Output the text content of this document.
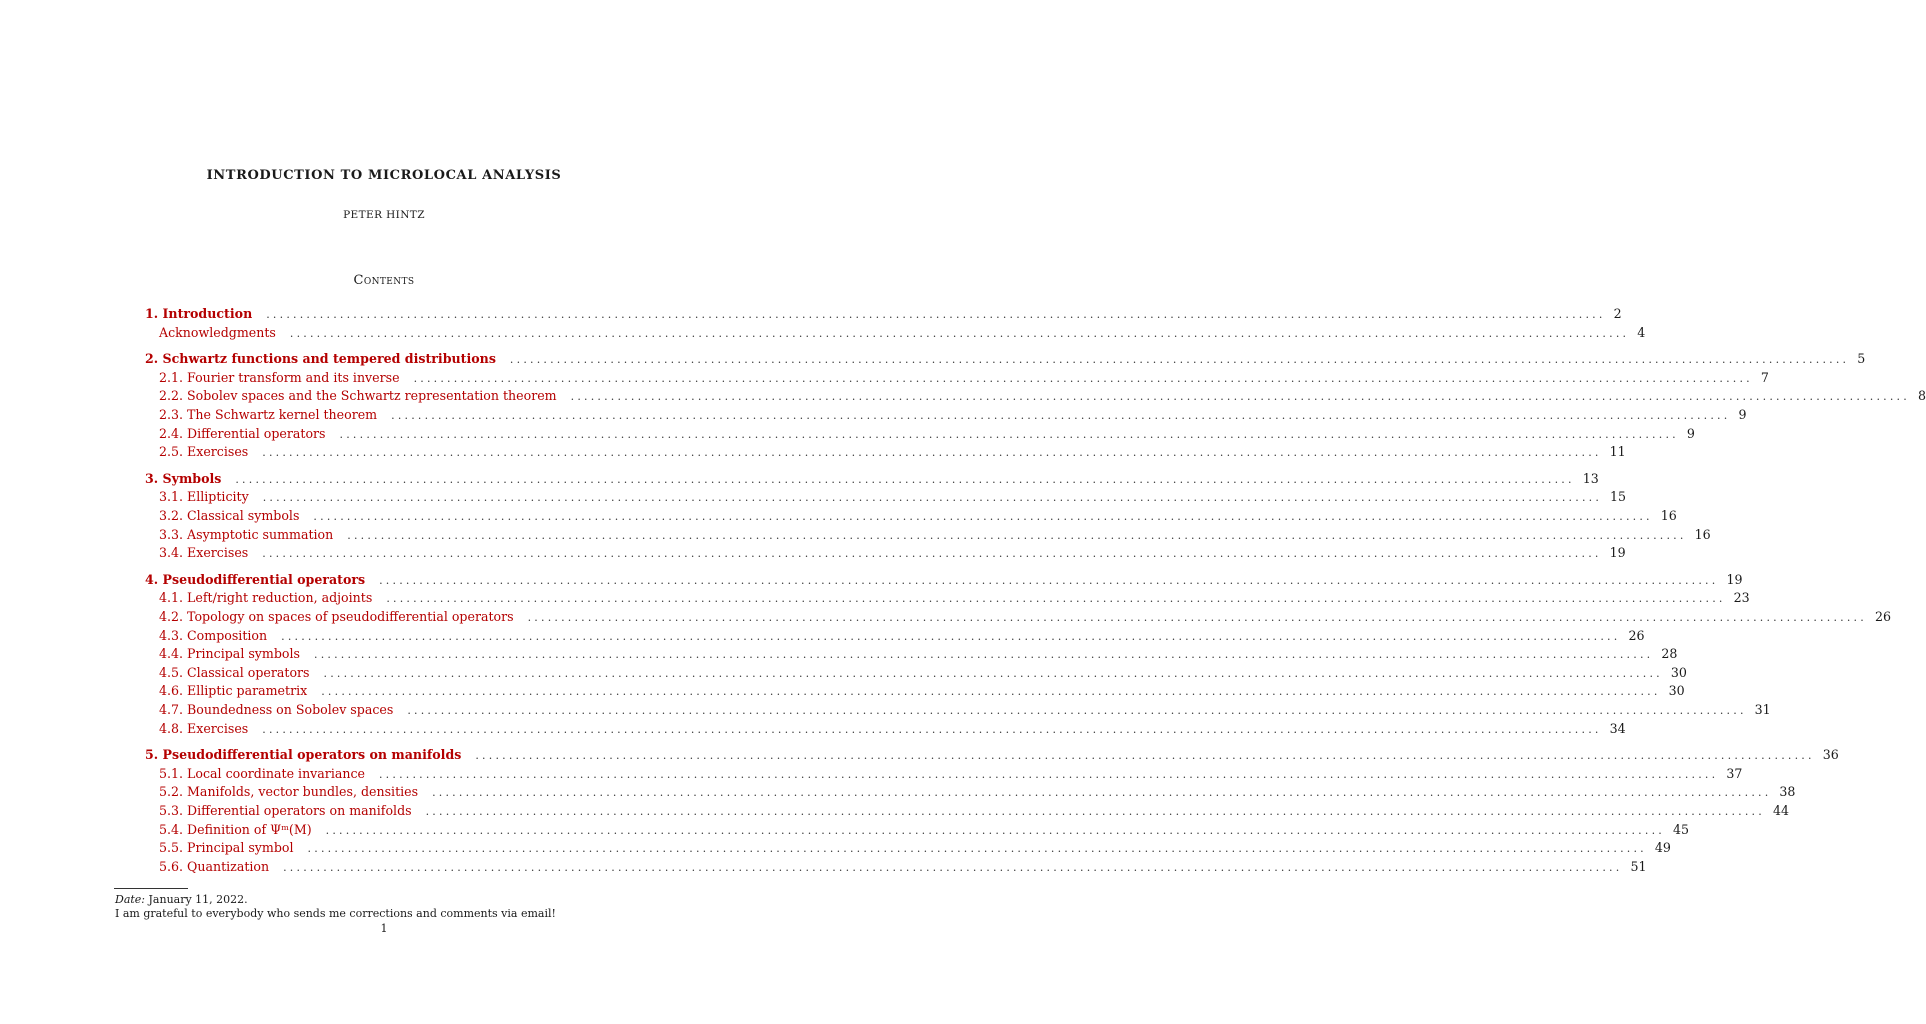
INTRODUCTION TO MICROLOCAL ANALYSIS
PETER HINTZ
Contents
1. Introduction ........................................................................................................................................................................................................ 2
Acknowledgments ........................................................................................................................................................................................................ 4
2. Schwartz functions and tempered distributions ........................................................................................................................................................................................................ 5
2.1. Fourier transform and its inverse ........................................................................................................................................................................................................ 7
2.2. Sobolev spaces and the Schwartz representation theorem ........................................................................................................................................................................................................ 8
2.3. The Schwartz kernel theorem ........................................................................................................................................................................................................ 9
2.4. Differential operators ........................................................................................................................................................................................................ 9
2.5. Exercises ........................................................................................................................................................................................................ 11
3. Symbols ........................................................................................................................................................................................................ 13
3.1. Ellipticity ........................................................................................................................................................................................................ 15
3.2. Classical symbols ........................................................................................................................................................................................................ 16
3.3. Asymptotic summation ........................................................................................................................................................................................................ 16
3.4. Exercises ........................................................................................................................................................................................................ 19
4. Pseudodifferential operators ........................................................................................................................................................................................................ 19
4.1. Left/right reduction, adjoints ........................................................................................................................................................................................................ 23
4.2. Topology on spaces of pseudodifferential operators ........................................................................................................................................................................................................ 26
4.3. Composition ........................................................................................................................................................................................................ 26
4.4. Principal symbols ........................................................................................................................................................................................................ 28
4.5. Classical operators ........................................................................................................................................................................................................ 30
4.6. Elliptic parametrix ........................................................................................................................................................................................................ 30
4.7. Boundedness on Sobolev spaces ........................................................................................................................................................................................................ 31
4.8. Exercises ........................................................................................................................................................................................................ 34
5. Pseudodifferential operators on manifolds ........................................................................................................................................................................................................ 36
5.1. Local coordinate invariance ........................................................................................................................................................................................................ 37
5.2. Manifolds, vector bundles, densities ........................................................................................................................................................................................................ 38
5.3. Differential operators on manifolds ........................................................................................................................................................................................................ 44
5.4. Definition of Ψᵐ(M) ........................................................................................................................................................................................................ 45
5.5. Principal symbol ........................................................................................................................................................................................................ 49
5.6. Quantization ........................................................................................................................................................................................................ 51
Date: January 11, 2022.
I am grateful to everybody who sends me corrections and comments via email!
1
